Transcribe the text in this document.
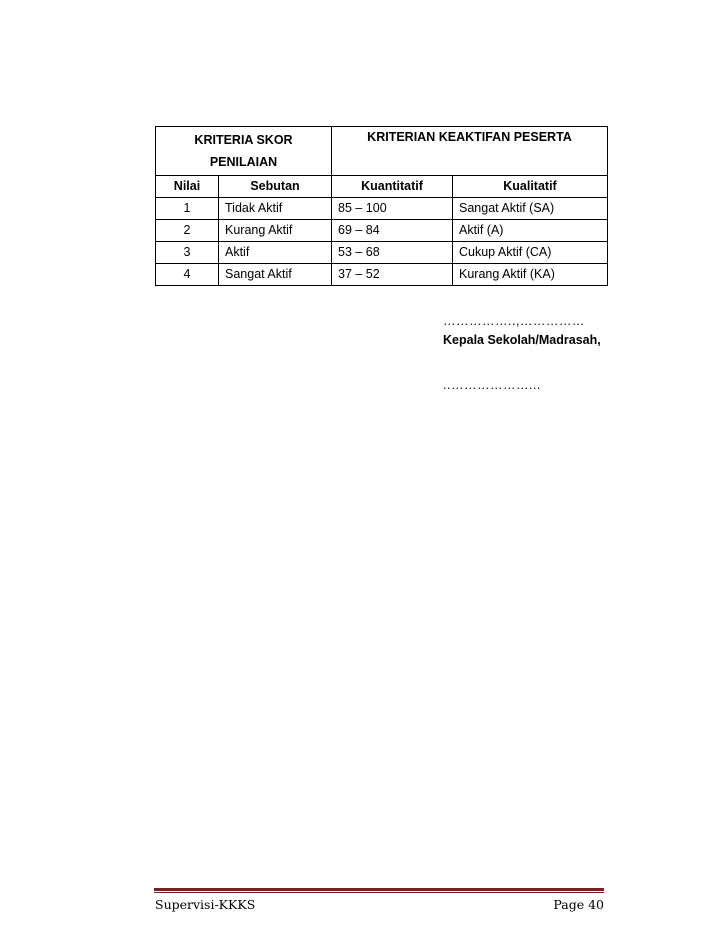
KRITERIA SKOR
PENILAIAN		KRITERIAN KEAKTIFAN PESERTA	

Nilai	Sebutan	Kuantitatif	Kualitatif
1	Tidak Aktif	85 – 100	Sangat Aktif (SA)
2	Kurang Aktif	69 – 84	Aktif (A)
3	Aktif	53 – 68	Cukup Aktif (CA)
4	Sangat Aktif	37 – 52	Kurang Aktif (KA)
……………..,……………
Kepala Sekolah/Madrasah,
..………………...
Supervisi-KKKS	Page 40
